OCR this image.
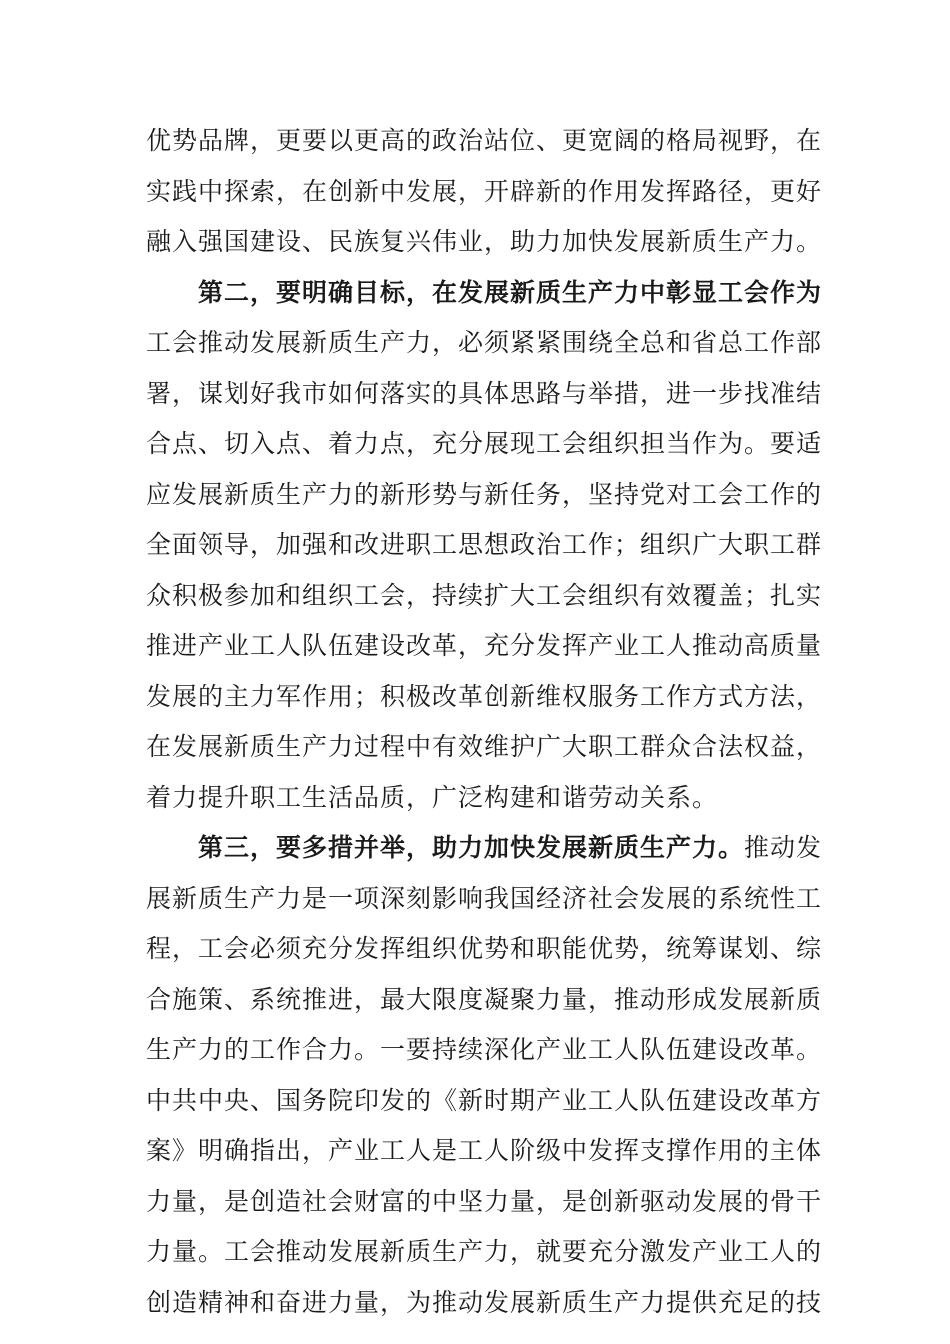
优势品牌，更要以更高的政治站位、更宽阔的格局视野，在
实践中探索，在创新中发展，开辟新的作用发挥路径，更好
融入强国建设、民族复兴伟业，助力加快发展新质生产力。
第二，要明确目标，在发展新质生产力中彰显工会作为
工会推动发展新质生产力，必须紧紧围绕全总和省总工作部
署，谋划好我市如何落实的具体思路与举措，进一步找准结
合点、切入点、着力点，充分展现工会组织担当作为。要适
应发展新质生产力的新形势与新任务，坚持党对工会工作的
全面领导，加强和改进职工思想政治工作；组织广大职工群
众积极参加和组织工会，持续扩大工会组织有效覆盖；扎实
推进产业工人队伍建设改革，充分发挥产业工人推动高质量
发展的主力军作用；积极改革创新维权服务工作方式方法，
在发展新质生产力过程中有效维护广大职工群众合法权益，
着力提升职工生活品质，广泛构建和谐劳动关系。
第三，要多措并举，助力加快发展新质生产力。推动发
展新质生产力是一项深刻影响我国经济社会发展的系统性工
程，工会必须充分发挥组织优势和职能优势，统筹谋划、综
合施策、系统推进，最大限度凝聚力量，推动形成发展新质
生产力的工作合力。一要持续深化产业工人队伍建设改革。
中共中央、国务院印发的《新时期产业工人队伍建设改革方
案》明确指出，产业工人是工人阶级中发挥支撑作用的主体
力量，是创造社会财富的中坚力量，是创新驱动发展的骨干
力量。工会推动发展新质生产力，就要充分激发产业工人的
创造精神和奋进力量，为推动发展新质生产力提供充足的技
